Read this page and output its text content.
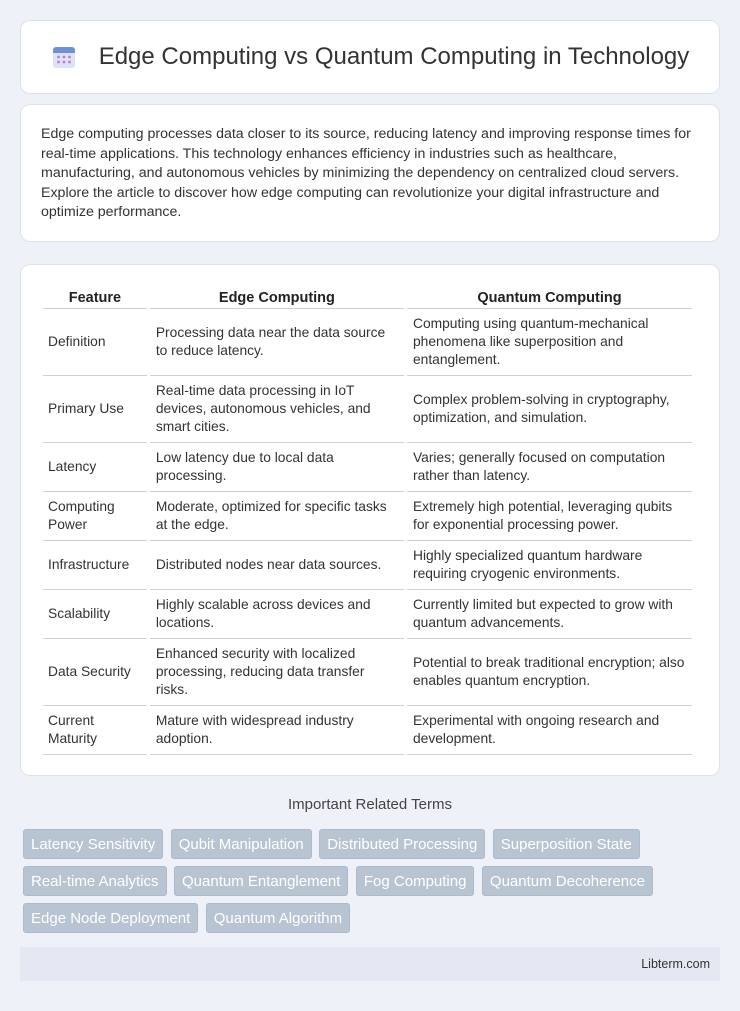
Edge Computing vs Quantum Computing in Technology

Edge computing processes data closer to its source, reducing latency and improving response times for real-time applications. This technology enhances efficiency in industries such as healthcare, manufacturing, and autonomous vehicles by minimizing the dependency on centralized cloud servers. Explore the article to discover how edge computing can revolutionize your digital infrastructure and optimize performance.

Feature	Edge Computing	Quantum Computing
Definition	Processing data near the data source to reduce latency.	Computing using quantum-mechanical phenomena like superposition and entanglement.
Primary Use	Real-time data processing in IoT devices, autonomous vehicles, and smart cities.	Complex problem-solving in cryptography, optimization, and simulation.
Latency	Low latency due to local data processing.	Varies; generally focused on computation rather than latency.
Computing Power	Moderate, optimized for specific tasks at the edge.	Extremely high potential, leveraging qubits for exponential processing power.
Infrastructure	Distributed nodes near data sources.	Highly specialized quantum hardware requiring cryogenic environments.
Scalability	Highly scalable across devices and locations.	Currently limited but expected to grow with quantum advancements.
Data Security	Enhanced security with localized processing, reducing data transfer risks.	Potential to break traditional encryption; also enables quantum encryption.
Current Maturity	Mature with widespread industry adoption.	Experimental with ongoing research and development.
Important Related Terms
Latency Sensitivity Qubit Manipulation Distributed Processing Superposition State Real-time Analytics Quantum Entanglement Fog Computing Quantum Decoherence Edge Node Deployment Quantum Algorithm
Libterm.com
